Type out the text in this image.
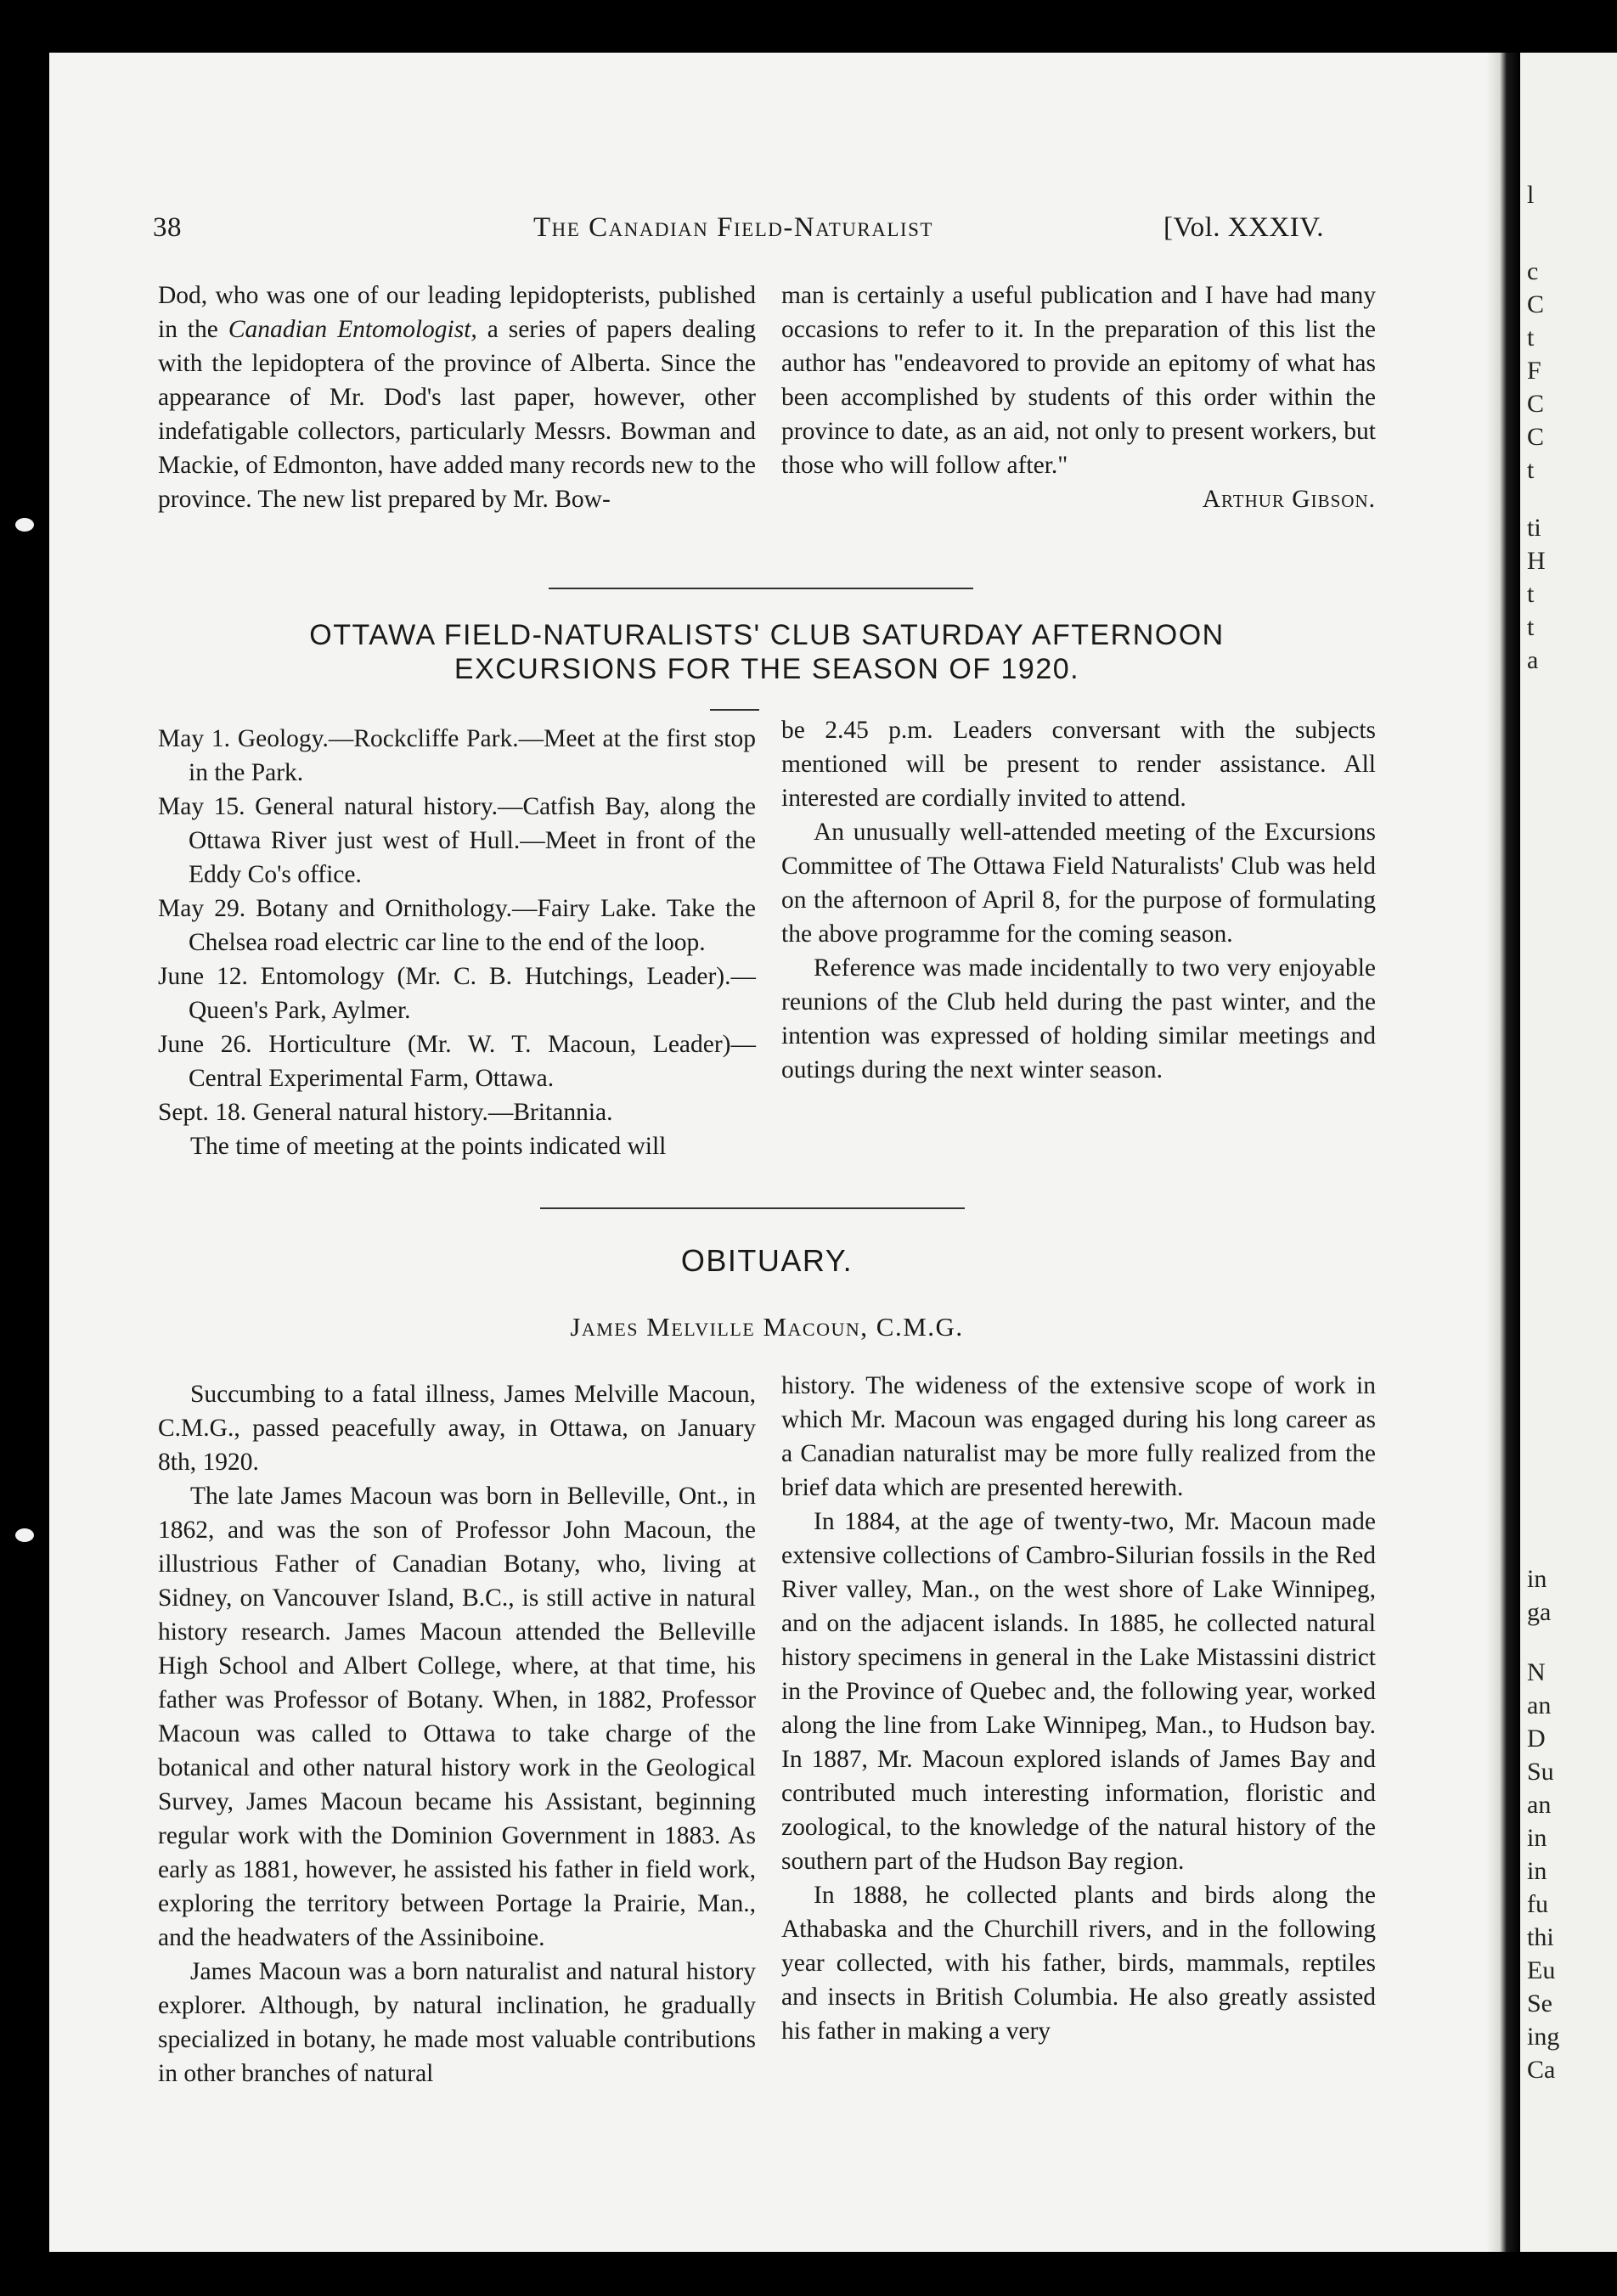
38	The Canadian Field-Naturalist	[Vol. XXXIV.

Dod, who was one of our leading lepidopterists, published in the Canadian Entomologist, a series of papers dealing with the lepidoptera of the province of Alberta. Since the appearance of Mr. Dod's last paper, however, other indefatigable collectors, particularly Messrs. Bowman and Mackie, of Edmonton, have added many records new to the province. The new list prepared by Mr. Bow-

man is certainly a useful publication and I have had many occasions to refer to it. In the preparation of this list the author has "endeavored to provide an epitomy of what has been accomplished by students of this order within the province to date, as an aid, not only to present workers, but those who will follow after."

Arthur Gibson.

OTTAWA FIELD-NATURALISTS' CLUB SATURDAY AFTERNOON
EXCURSIONS FOR THE SEASON OF 1920.

May 1. Geology.—Rockcliffe Park.—Meet at the first stop in the Park.

May 15. General natural history.—Catfish Bay, along the Ottawa River just west of Hull.—Meet in front of the Eddy Co's office.

May 29. Botany and Ornithology.—Fairy Lake. Take the Chelsea road electric car line to the end of the loop.

June 12. Entomology (Mr. C. B. Hutchings, Leader).—Queen's Park, Aylmer.

June 26. Horticulture (Mr. W. T. Macoun, Leader)—Central Experimental Farm, Ottawa.

Sept. 18. General natural history.—Britannia.

The time of meeting at the points indicated will

be 2.45 p.m. Leaders conversant with the subjects mentioned will be present to render assistance. All interested are cordially invited to attend.

An unusually well-attended meeting of the Excursions Committee of The Ottawa Field Naturalists' Club was held on the afternoon of April 8, for the purpose of formulating the above programme for the coming season.

Reference was made incidentally to two very enjoyable reunions of the Club held during the past winter, and the intention was expressed of holding similar meetings and outings during the next winter season.

OBITUARY.
James Melville Macoun, C.M.G.

Succumbing to a fatal illness, James Melville Macoun, C.M.G., passed peacefully away, in Ottawa, on January 8th, 1920.

The late James Macoun was born in Belleville, Ont., in 1862, and was the son of Professor John Macoun, the illustrious Father of Canadian Botany, who, living at Sidney, on Vancouver Island, B.C., is still active in natural history research. James Macoun attended the Belleville High School and Albert College, where, at that time, his father was Professor of Botany. When, in 1882, Professor Macoun was called to Ottawa to take charge of the botanical and other natural history work in the Geological Survey, James Macoun became his Assistant, beginning regular work with the Dominion Government in 1883. As early as 1881, however, he assisted his father in field work, exploring the territory between Portage la Prairie, Man., and the headwaters of the Assiniboine.

James Macoun was a born naturalist and natural history explorer. Although, by natural inclination, he gradually specialized in botany, he made most valuable contributions in other branches of natural

history. The wideness of the extensive scope of work in which Mr. Macoun was engaged during his long career as a Canadian naturalist may be more fully realized from the brief data which are presented herewith.

In 1884, at the age of twenty-two, Mr. Macoun made extensive collections of Cambro-Silurian fossils in the Red River valley, Man., on the west shore of Lake Winnipeg, and on the adjacent islands. In 1885, he collected natural history specimens in general in the Lake Mistassini district in the Province of Quebec and, the following year, worked along the line from Lake Winnipeg, Man., to Hudson bay. In 1887, Mr. Macoun explored islands of James Bay and contributed much interesting information, floristic and zoological, to the knowledge of the natural history of the southern part of the Hudson Bay region.

In 1888, he collected plants and birds along the Athabaska and the Churchill rivers, and in the following year collected, with his father, birds, mammals, reptiles and insects in British Columbia. He also greatly assisted his father in making a very

l
c
C
t
F
C
C
t
ti
H
t
t
a
in
ga
N
an
D
Su
an
in
in
fu
thi
Eu
Se
ing
Ca
